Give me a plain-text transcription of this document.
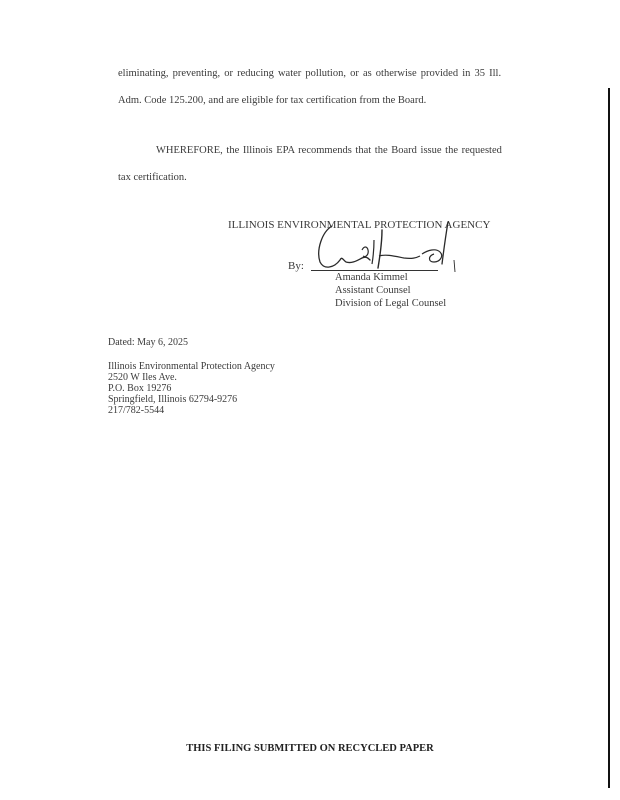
eliminating, preventing, or reducing water pollution, or as otherwise provided in 35 Ill.

Adm. Code 125.200, and are eligible for tax certification from the Board.

WHEREFORE, the Illinois EPA recommends that the Board issue the requested

tax certification.

ILLINOIS ENVIRONMENTAL PROTECTION AGENCY

By:

Amanda Kimmel

Assistant Counsel

Division of Legal Counsel

Dated: May 6, 2025

Illinois Environmental Protection Agency
2520 W Iles Ave.
P.O. Box 19276
Springfield, Illinois 62794-9276
217/782-5544

THIS FILING SUBMITTED ON RECYCLED PAPER
